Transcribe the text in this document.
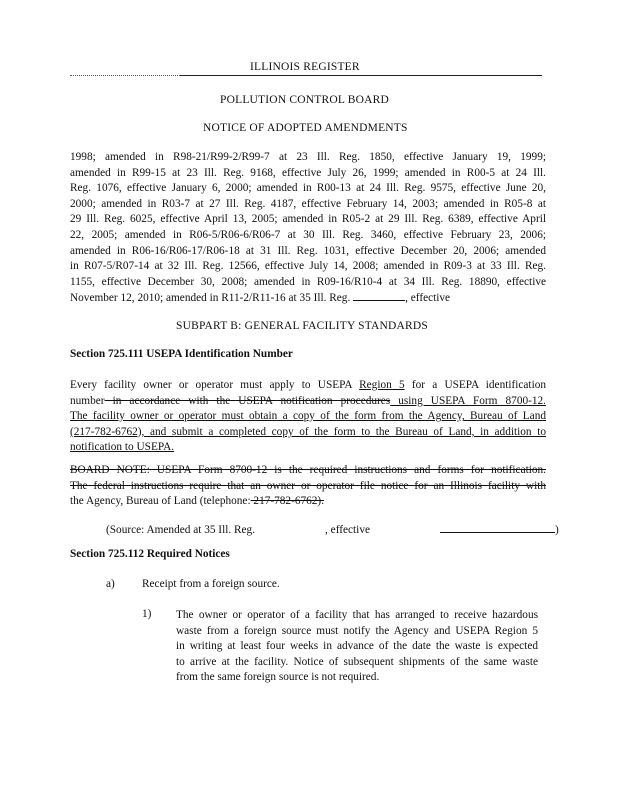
ILLINOIS REGISTER
POLLUTION CONTROL BOARD
NOTICE OF ADOPTED AMENDMENTS
1998; amended in R98-21/R99-2/R99-7 at 23 Ill. Reg. 1850, effective January 19, 1999;
amended in R99-15 at 23 Ill. Reg. 9168, effective July 26, 1999; amended in R00-5 at 24 Ill.
Reg. 1076, effective January 6, 2000; amended in R00-13 at 24 Ill. Reg. 9575, effective June 20,
2000; amended in R03-7 at 27 Ill. Reg. 4187, effective February 14, 2003; amended in R05-8 at
29 Ill. Reg. 6025, effective April 13, 2005; amended in R05-2 at 29 Ill. Reg. 6389, effective April
22, 2005; amended in R06-5/R06-6/R06-7 at 30 Ill. Reg. 3460, effective February 23, 2006;
amended in R06-16/R06-17/R06-18 at 31 Ill. Reg. 1031, effective December 20, 2006; amended
in R07-5/R07-14 at 32 Ill. Reg. 12566, effective July 14, 2008; amended in R09-3 at 33 Ill. Reg.
1155, effective December 30, 2008; amended in R09-16/R10-4 at 34 Ill. Reg. 18890, effective
November 12, 2010; amended in R11-2/R11-16 at 35 Ill. Reg.	, effective
SUBPART B: GENERAL FACILITY STANDARDS
Section 725.111 USEPA Identification Number
Every facility owner or operator must apply to USEPA Region 5 for a USEPA identification
number in accordance with the USEPA notification procedures using USEPA Form 8700-12.
The facility owner or operator must obtain a copy of the form from the Agency, Bureau of Land
(217-782-6762), and submit a completed copy of the form to the Bureau of Land, in addition to
notification to USEPA.
BOARD NOTE: USEPA Form 8700-12 is the required instructions and forms for notification.
The federal instructions require that an owner or operator file notice for an Illinois facility with
the Agency, Bureau of Land (telephone: 217-782-6762).
(Source: Amended at 35 Ill. Reg.	, effective	)
Section 725.112 Required Notices
a) Receipt from a foreign source.
1) The owner or operator of a facility that has arranged to receive hazardous
waste from a foreign source must notify the Agency and USEPA Region 5
in writing at least four weeks in advance of the date the waste is expected
to arrive at the facility. Notice of subsequent shipments of the same waste
from the same foreign source is not required.
